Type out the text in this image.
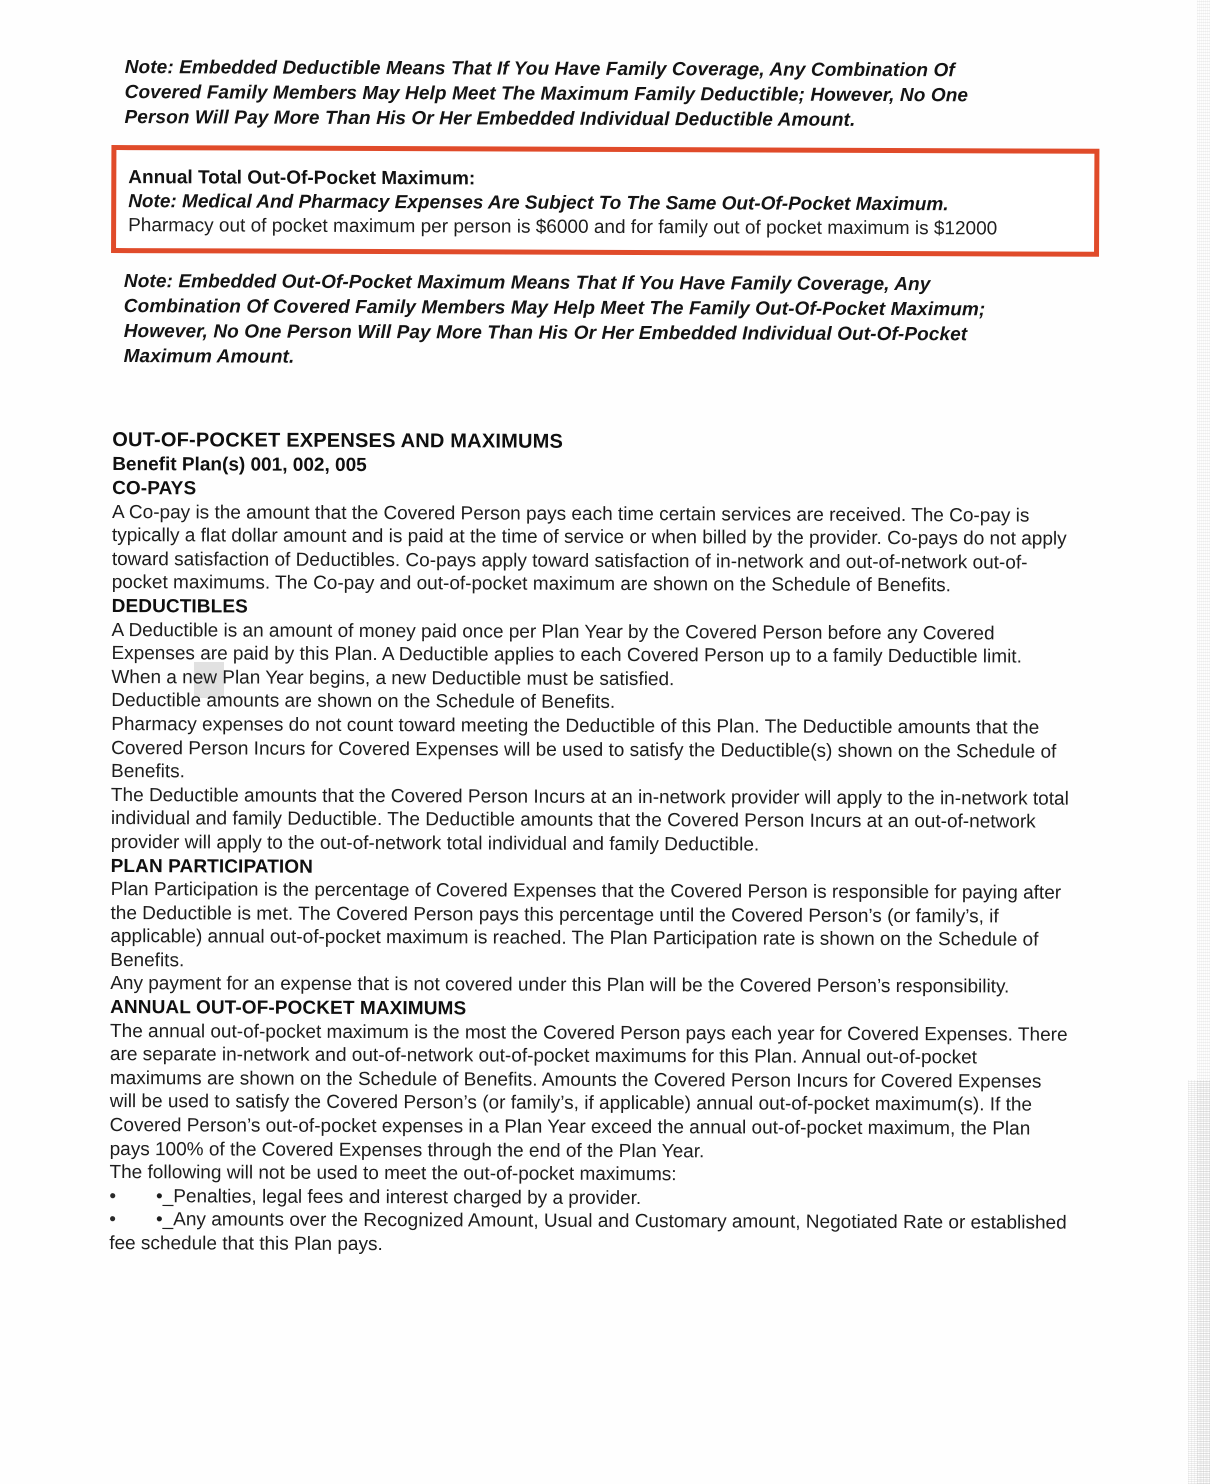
Note: Embedded Deductible Means That If You Have Family Coverage, Any Combination Of Covered Family Members May Help Meet The Maximum Family Deductible; However, No One Person Will Pay More Than His Or Her Embedded Individual Deductible Amount.

Annual Total Out-Of-Pocket Maximum:

Note: Medical And Pharmacy Expenses Are Subject To The Same Out-Of-Pocket Maximum.

Pharmacy out of pocket maximum per person is $6000 and for family out of pocket maximum is $12000

Note: Embedded Out-Of-Pocket Maximum Means That If You Have Family Coverage, Any Combination Of Covered Family Members May Help Meet The Family Out-Of-Pocket Maximum; However, No One Person Will Pay More Than His Or Her Embedded Individual Out-Of-Pocket Maximum Amount.

OUT-OF-POCKET EXPENSES AND MAXIMUMS

Benefit Plan(s) 001, 002, 005

CO-PAYS

A Co-pay is the amount that the Covered Person pays each time certain services are received. The Co-pay is typically a flat dollar amount and is paid at the time of service or when billed by the provider. Co-pays do not apply toward satisfaction of Deductibles. Co-pays apply toward satisfaction of in-network and out-of-network out-of-pocket maximums. The Co-pay and out-of-pocket maximum are shown on the Schedule of Benefits.

DEDUCTIBLES

A Deductible is an amount of money paid once per Plan Year by the Covered Person before any Covered Expenses are paid by this Plan. A Deductible applies to each Covered Person up to a family Deductible limit. When a new Plan Year begins, a new Deductible must be satisfied.

Deductible amounts are shown on the Schedule of Benefits.

Pharmacy expenses do not count toward meeting the Deductible of this Plan. The Deductible amounts that the Covered Person Incurs for Covered Expenses will be used to satisfy the Deductible(s) shown on the Schedule of Benefits.

The Deductible amounts that the Covered Person Incurs at an in-network provider will apply to the in-network total individual and family Deductible. The Deductible amounts that the Covered Person Incurs at an out-of-network provider will apply to the out-of-network total individual and family Deductible.

PLAN PARTICIPATION

Plan Participation is the percentage of Covered Expenses that the Covered Person is responsible for paying after the Deductible is met. The Covered Person pays this percentage until the Covered Person’s (or family’s, if applicable) annual out-of-pocket maximum is reached. The Plan Participation rate is shown on the Schedule of Benefits.

Any payment for an expense that is not covered under this Plan will be the Covered Person’s responsibility.

ANNUAL OUT-OF-POCKET MAXIMUMS

The annual out-of-pocket maximum is the most the Covered Person pays each year for Covered Expenses. There are separate in-network and out-of-network out-of-pocket maximums for this Plan. Annual out-of-pocket maximums are shown on the Schedule of Benefits. Amounts the Covered Person Incurs for Covered Expenses will be used to satisfy the Covered Person’s (or family’s, if applicable) annual out-of-pocket maximum(s). If the Covered Person’s out-of-pocket expenses in a Plan Year exceed the annual out-of-pocket maximum, the Plan pays 100% of the Covered Expenses through the end of the Plan Year.

The following will not be used to meet the out-of-pocket maximums:

• •_Penalties, legal fees and interest charged by a provider.

• •_Any amounts over the Recognized Amount, Usual and Customary amount, Negotiated Rate or established fee schedule that this Plan pays.
